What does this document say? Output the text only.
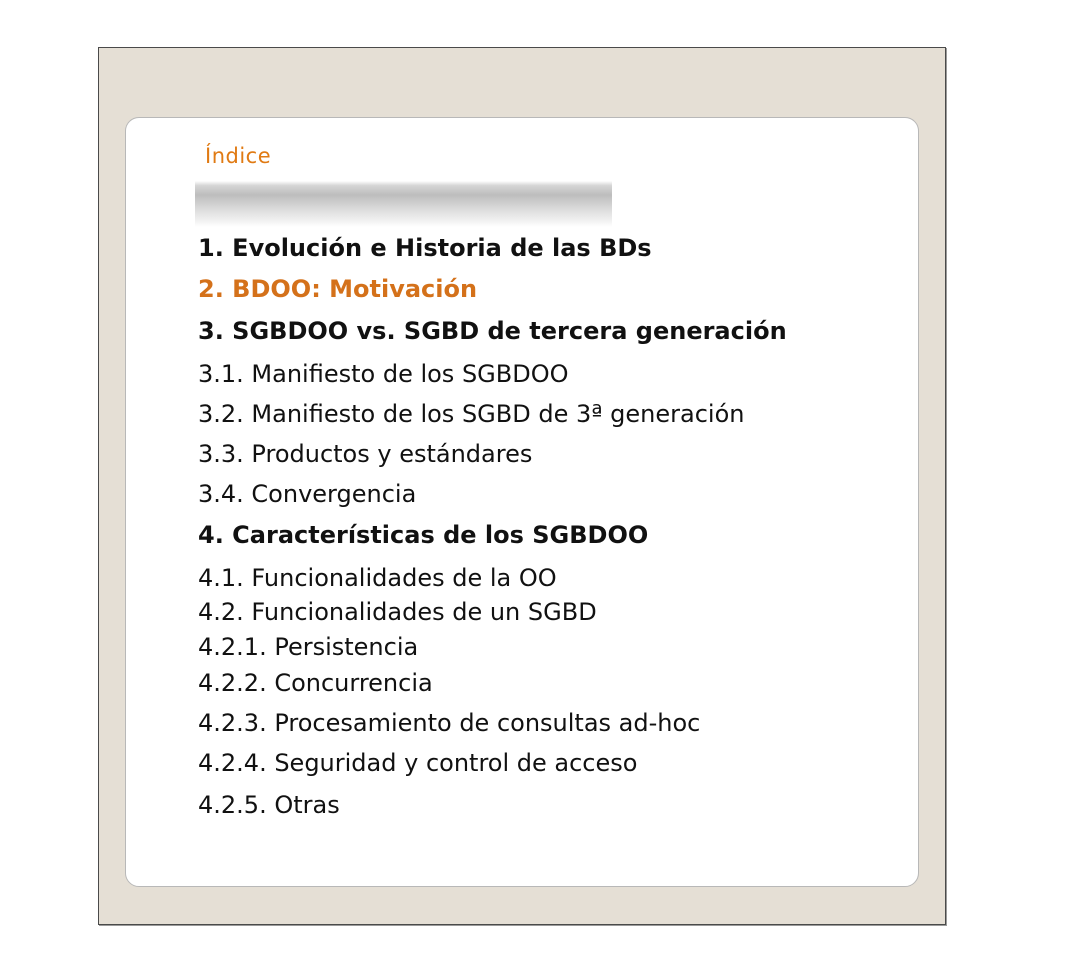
Índice
1. Evolución e Historia de las BDs
2. BDOO: Motivación
3. SGBDOO vs. SGBD de tercera generación
3.1. Manifiesto de los SGBDOO
3.2. Manifiesto de los SGBD de 3ª generación
3.3. Productos y estándares
3.4. Convergencia
4. Características de los SGBDOO
4.1. Funcionalidades de la OO
4.2. Funcionalidades de un SGBD
4.2.1. Persistencia
4.2.2. Concurrencia
4.2.3. Procesamiento de consultas ad-hoc
4.2.4. Seguridad y control de acceso
4.2.5. Otras
